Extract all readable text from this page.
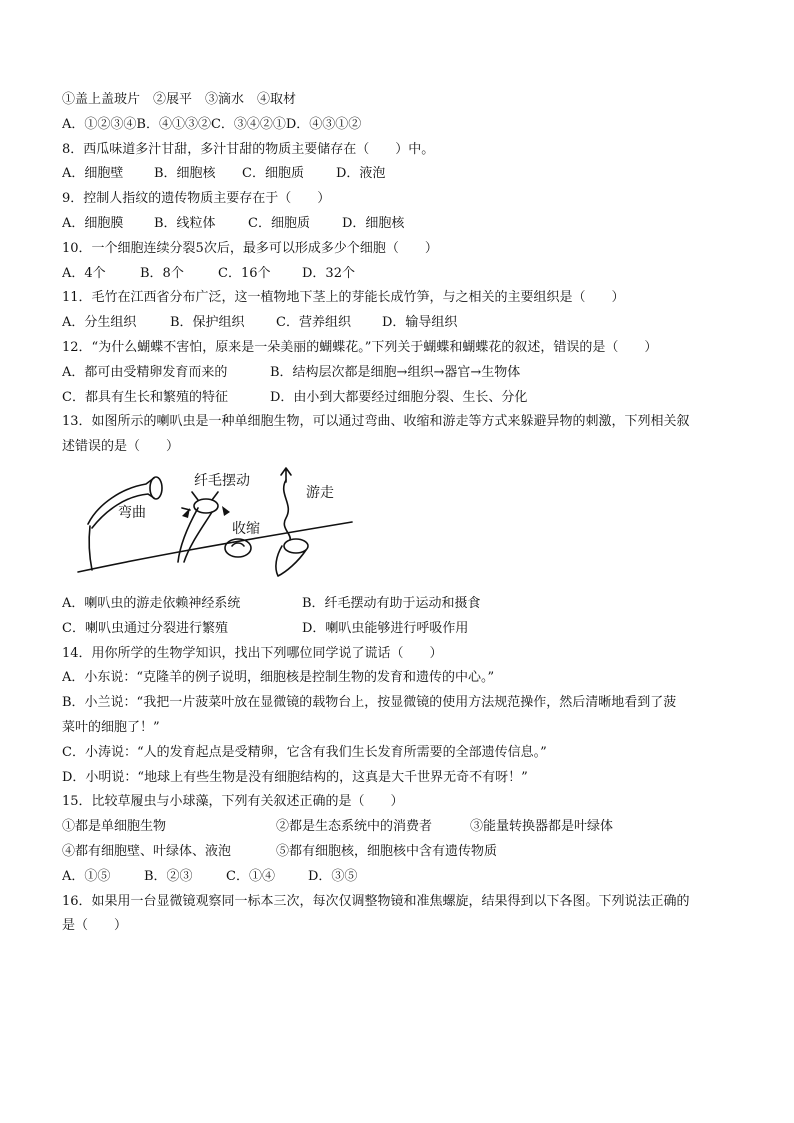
①盖上盖玻片　②展平　③滴水　④取材
A．①②③④B．④①③②C．③④②①D．④③①②
8．西瓜味道多汁甘甜，多汁甘甜的物质主要储存在（　　）中。
A．细胞壁 B．细胞核 C．细胞质 D．液泡
9．控制人指纹的遗传物质主要存在于（　　）
A．细胞膜 B．线粒体 C．细胞质 D．细胞核
10．一个细胞连续分裂5次后，最多可以形成多少个细胞（　　）
A．4个	B．8个	C．16个 D．32个
11．毛竹在江西省分布广泛，这一植物地下茎上的芽能长成竹笋，与之相关的主要组织是（　　）
A．分生组织	B．保护组织 C．营养组织 D．输导组织
12．“为什么蝴蝶不害怕，原来是一朵美丽的蝴蝶花。”下列关于蝴蝶和蝴蝶花的叙述，错误的是（　　）
A．都可由受精卵发育而来的	B．结构层次都是细胞→组织→器官→生物体
C．都具有生长和繁殖的特征	D．由小到大都要经过细胞分裂、生长、分化
13．如图所示的喇叭虫是一种单细胞生物，可以通过弯曲、收缩和游走等方式来躲避异物的刺激，下列相关叙
述错误的是（　　）
纤毛摆动
游走
弯曲
收缩
A．喇叭虫的游走依赖神经系统	B．纤毛摆动有助于运动和摄食
C．喇叭虫通过分裂进行繁殖	D．喇叭虫能够进行呼吸作用
14．用你所学的生物学知识，找出下列哪位同学说了谎话（　　）
A．小东说：“克隆羊的例子说明，细胞核是控制生物的发育和遗传的中心。”
B．小兰说：“我把一片菠菜叶放在显微镜的载物台上，按显微镜的使用方法规范操作，然后清晰地看到了菠
菜叶的细胞了！”
C．小涛说：“人的发育起点是受精卵，它含有我们生长发育所需要的全部遗传信息。”
D．小明说：“地球上有些生物是没有细胞结构的，这真是大千世界无奇不有呀！”
15．比较草履虫与小球藻，下列有关叙述正确的是（　　）
①都是单细胞生物	②都是生态系统中的消费者	③能量转换器都是叶绿体
④都有细胞壁、叶绿体、液泡	⑤都有细胞核，细胞核中含有遗传物质
A．①⑤	B．②③	C．①④	D．③⑤
16．如果用一台显微镜观察同一标本三次，每次仅调整物镜和准焦螺旋，结果得到以下各图。下列说法正确的
是（　　）
